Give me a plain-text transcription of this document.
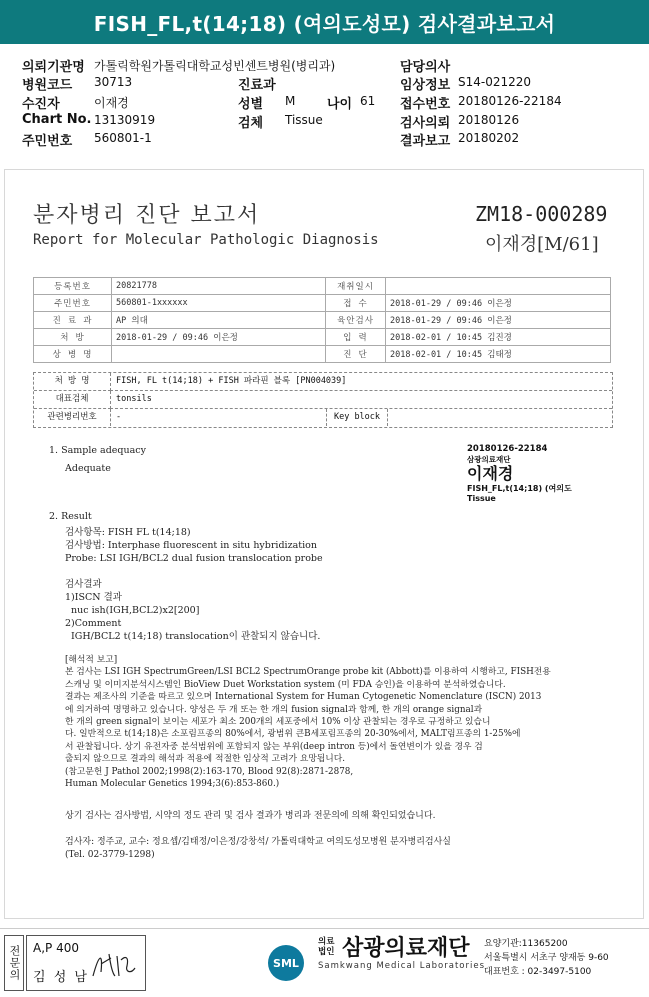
FISH_FL,t(14;18) (여의도성모) 검사결과보고서
의뢰기관명 가톨릭학원가톨릭대학교성빈센트병원(병리과)	담당의사
병원코드 30713	진료과	임상정보 S14-021220
수진자	이재경	성별 M 나이 61 접수번호 20180126-22184
Chart No. 13130919	검체 Tissue	검사의뢰 20180126
주민번호 560801-1	결과보고 20180202
분자병리 진단 보고서
Report for Molecular Pathologic Diagnosis
ZM18-000289
이재경[M/61]
등록번호	20821778	재취일시	
주민번호	560801-1xxxxxx	접 수	2018-01-29 / 09:46 이은정
진 료 과	AP 의대	육안검사	2018-01-29 / 09:46 이은정
처 방	2018-01-29 / 09:46 이은정	입 력	2018-02-01 / 10:45 김진경
상 병 명		진 단	2018-02-01 / 10:45 김태정
처 방 명	FISH, FL t(14;18) + FISH 파라핀 블록 [PN004039]
대표검체	tonsils
관련병리번호	-	Key block
20180126-22184
삼광의료재단
이재경
FISH_FL,t(14;18) (여의도
Tissue
1. Sample adequacy
Adequate
2. Result
검사항목: FISH FL t(14;18)
검사방법: Interphase fluorescent in situ hybridization
Probe: LSI IGH/BCL2 dual fusion translocation probe
검사결과
1)ISCN 결과
nuc ish(IGH,BCL2)x2[200]
2)Comment
IGH/BCL2 t(14;18) translocation이 관찰되지 않습니다.
[해석적 보고]
본 검사는 LSI IGH SpectrumGreen/LSI BCL2 SpectrumOrange probe kit (Abbott)를 이용하여 시행하고, FISH전용
스캐닝 및 이미지분석시스템인 BioView Duet Workstation system (미 FDA 승인)을 이용하여 분석하였습니다.
결과는 제조사의 기준을 따르고 있으며 International System for Human Cytogenetic Nomenclature (ISCN) 2013
에 의거하여 명명하고 있습니다. 양성은 두 개 또는 한 개의 fusion signal과 함께, 한 개의 orange signal과
한 개의 green signal이 보이는 세포가 최소 200개의 세포중에서 10% 이상 관찰되는 경우로 규정하고 있습니
다. 일반적으로 t(14;18)은 소포림프종의 80%에서, 광범위 큰B세포림프종의 20-30%에서, MALT림프종의 1-25%에
서 관찰됩니다. 상기 유전자중 분석범위에 포함되지 않는 부위(deep intron 등)에서 돌연변이가 있을 경우 검
출되지 않으므로 결과의 해석과 적용에 적절한 임상적 고려가 요망됩니다.
(참고문헌 J Pathol 2002;1998(2):163-170, Blood 92(8):2871-2878,
Human Molecular Genetics 1994;3(6):853-860.)
상기 검사는 검사방법, 시약의 정도 관리 및 검사 결과가 병리과 전문의에 의해 확인되었습니다.
검사자: 정주교, 교수: 정요셉/김태정/이은정/강창석/ 가톨릭대학교 여의도성모병원 분자병리검사실
(Tel. 02-3779-1298)
전문의 A,P 400
김 성 남
SML
의료
법인 삼광의료재단
Samkwang Medical Laboratories
요양기관:11365200
서울특별시 서초구 양재동 9-60
대표번호 : 02-3497-5100
